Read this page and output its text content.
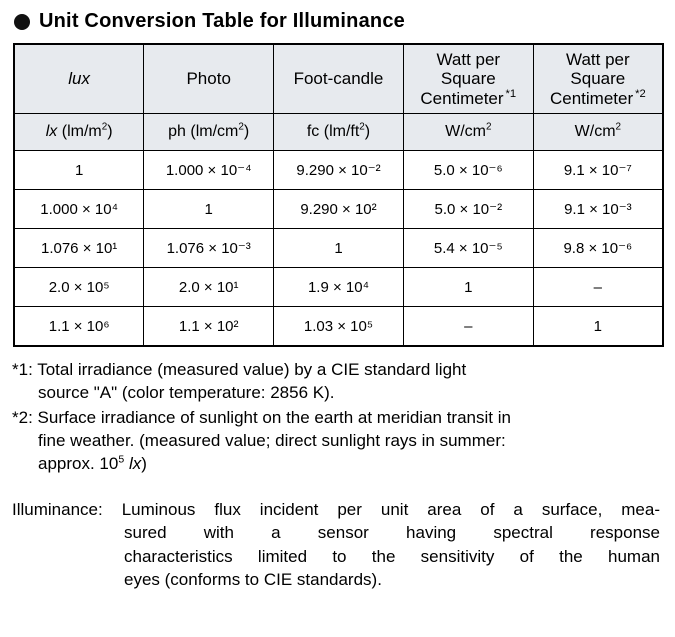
Unit Conversion Table for Illuminance
lux	Photo	Foot-candle	Watt per Square Centimeter $^{*1}$	Watt per Square Centimeter $^{*2}$
lx $(lm/m^2)$	ph $(lm/cm^2)$	fc $(lm/ft^2)$	$W/cm^2$	$W/cm^2$
1	1.000 × 10⁻⁴	9.290 × 10⁻²	5.0 × 10⁻⁶	9.1 × 10⁻⁷
1.000 × 10⁴	1	9.290 × 10²	5.0 × 10⁻²	9.1 × 10⁻³
1.076 × 10¹	1.076 × 10⁻³	1	5.4 × 10⁻⁵	9.8 × 10⁻⁶
2.0 × 10⁵	2.0 × 10¹	1.9 × 10⁴	1	–
1.1 × 10⁶	1.1 × 10²	1.03 × 10⁵	–	1
*1: Total irradiance (measured value) by a CIE standard light
source "A" (color temperature: 2856 K).
*2: Surface irradiance of sunlight on the earth at meridian transit in
fine weather. (measured value; direct sunlight rays in summer:
approx. $10^5$ lx)
Illuminance: Luminous flux incident per unit area of a surface, mea-
sured with a sensor having spectral response
characteristics limited to the sensitivity of the human
eyes (conforms to CIE standards).
